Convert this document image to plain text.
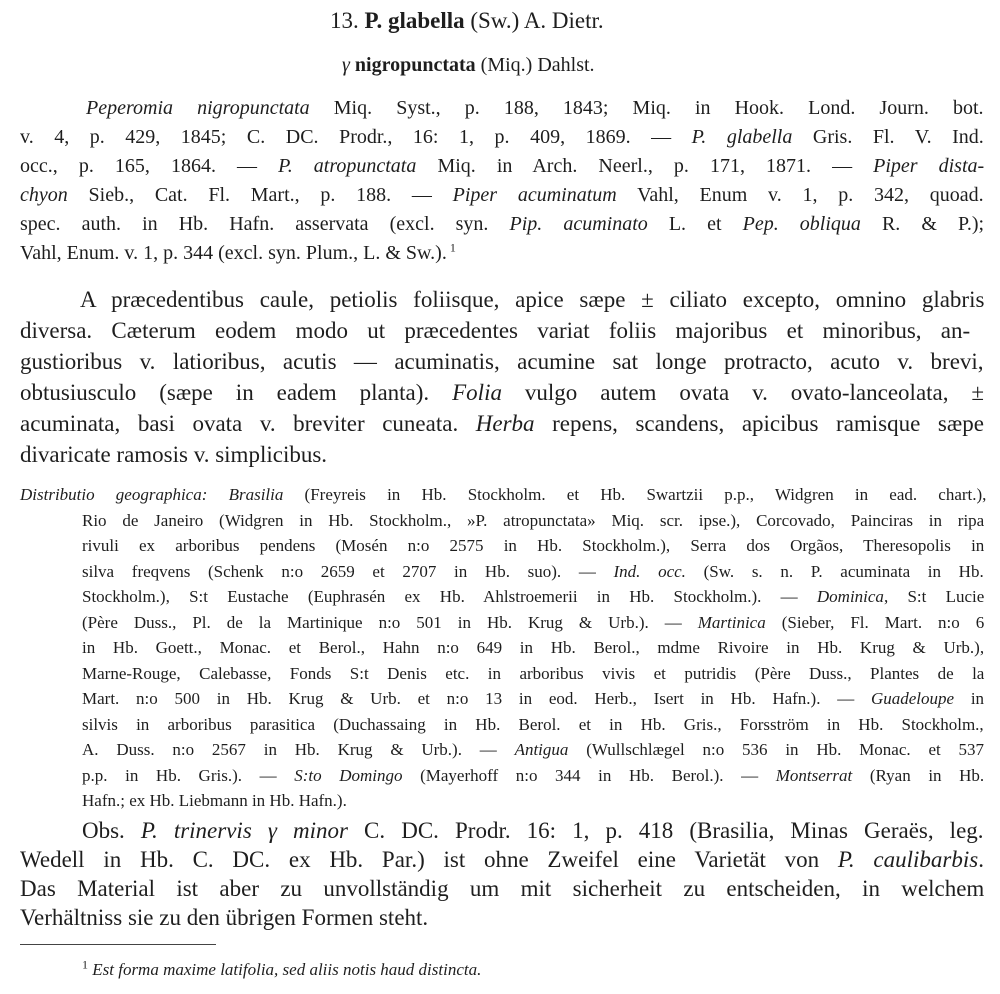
13. P. glabella (Sw.) A. Dietr.
γ nigropunctata (Miq.) Dahlst.
Peperomia nigropunctata Miq. Syst., p. 188, 1843; Miq. in Hook. Lond. Journ. bot.
v. 4, p. 429, 1845; C. DC. Prodr., 16: 1, p. 409, 1869. — P. glabella Gris. Fl. V. Ind.
occ., p. 165, 1864. — P. atropunctata Miq. in Arch. Neerl., p. 171, 1871. — Piper dista-
chyon Sieb., Cat. Fl. Mart., p. 188. — Piper acuminatum Vahl, Enum v. 1, p. 342, quoad.
spec. auth. in Hb. Hafn. asservata (excl. syn. Pip. acuminato L. et Pep. obliqua R. & P.);
Vahl, Enum. v. 1, p. 344 (excl. syn. Plum., L. & Sw.). $^1$
A præcedentibus caule, petiolis foliisque, apice sæpe ± ciliato excepto, omnino glabris
diversa. Cæterum eodem modo ut præcedentes variat foliis majoribus et minoribus, an-
gustioribus v. latioribus, acutis — acuminatis, acumine sat longe protracto, acuto v. brevi,
obtusiusculo (sæpe in eadem planta). Folia vulgo autem ovata v. ovato-lanceolata, ±
acuminata, basi ovata v. breviter cuneata. Herba repens, scandens, apicibus ramisque sæpe
divaricate ramosis v. simplicibus.
Distributio geographica: Brasilia (Freyreis in Hb. Stockholm. et Hb. Swartzii p.p., Widgren in ead. chart.),
Rio de Janeiro (Widgren in Hb. Stockholm., »P. atropunctata» Miq. scr. ipse.), Corcovado, Painciras in ripa
rivuli ex arboribus pendens (Mosén n:o 2575 in Hb. Stockholm.), Serra dos Orgãos, Theresopolis in
silva freqvens (Schenk n:o 2659 et 2707 in Hb. suo). — Ind. occ. (Sw. s. n. P. acuminata in Hb.
Stockholm.), S:t Eustache (Euphrasén ex Hb. Ahlstroemerii in Hb. Stockholm.). — Dominica, S:t Lucie
(Père Duss., Pl. de la Martinique n:o 501 in Hb. Krug & Urb.). — Martinica (Sieber, Fl. Mart. n:o 6
in Hb. Goett., Monac. et Berol., Hahn n:o 649 in Hb. Berol., mdme Rivoire in Hb. Krug & Urb.),
Marne-Rouge, Calebasse, Fonds S:t Denis etc. in arboribus vivis et putridis (Père Duss., Plantes de la
Mart. n:o 500 in Hb. Krug & Urb. et n:o 13 in eod. Herb., Isert in Hb. Hafn.). — Guadeloupe in
silvis in arboribus parasitica (Duchassaing in Hb. Berol. et in Hb. Gris., Forsström in Hb. Stockholm.,
A. Duss. n:o 2567 in Hb. Krug & Urb.). — Antigua (Wullschlægel n:o 536 in Hb. Monac. et 537
p.p. in Hb. Gris.). — S:to Domingo (Mayerhoff n:o 344 in Hb. Berol.). — Montserrat (Ryan in Hb.
Hafn.; ex Hb. Liebmann in Hb. Hafn.).
Obs. P. trinervis γ minor C. DC. Prodr. 16: 1, p. 418 (Brasilia, Minas Geraës, leg.
Wedell in Hb. C. DC. ex Hb. Par.) ist ohne Zweifel eine Varietät von P. caulibarbis.
Das Material ist aber zu unvollständig um mit sicherheit zu entscheiden, in welchem
Verhältniss sie zu den übrigen Formen steht.
$^1$ Est forma maxime latifolia, sed aliis notis haud distincta.
